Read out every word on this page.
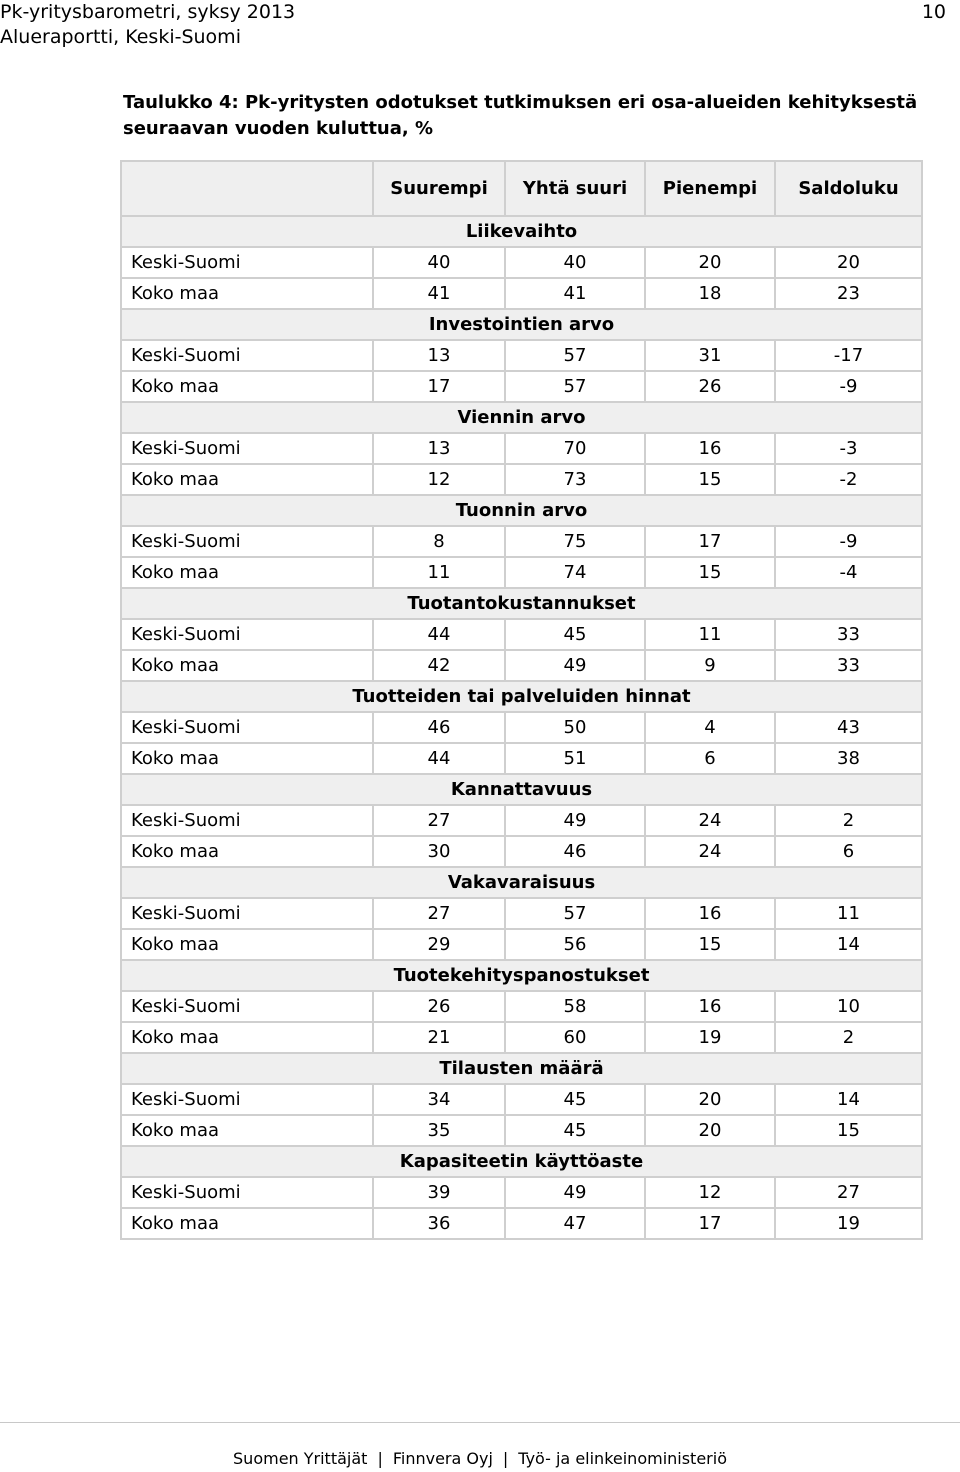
Pk-yritysbarometri, syksy 2013
Alueraportti, Keski-Suomi
10
Taulukko 4: Pk-yritysten odotukset tutkimuksen eri osa-alueiden kehityksestä seuraavan vuoden kuluttua, %
	Suurempi	Yhtä suuri	Pienempi	Saldoluku
Liikevaihto				
Keski-Suomi	40	40	20	20
Koko maa	41	41	18	23
Investointien arvo				
Keski-Suomi	13	57	31	-17
Koko maa	17	57	26	-9
Viennin arvo				
Keski-Suomi	13	70	16	-3
Koko maa	12	73	15	-2
Tuonnin arvo				
Keski-Suomi	8	75	17	-9
Koko maa	11	74	15	-4
Tuotantokustannukset				
Keski-Suomi	44	45	11	33
Koko maa	42	49	9	33
Tuotteiden tai palveluiden hinnat				
Keski-Suomi	46	50	4	43
Koko maa	44	51	6	38
Kannattavuus				
Keski-Suomi	27	49	24	2
Koko maa	30	46	24	6
Vakavaraisuus				
Keski-Suomi	27	57	16	11
Koko maa	29	56	15	14
Tuotekehityspanostukset				
Keski-Suomi	26	58	16	10
Koko maa	21	60	19	2
Tilausten määrä				
Keski-Suomi	34	45	20	14
Koko maa	35	45	20	15
Kapasiteetin käyttöaste				
Keski-Suomi	39	49	12	27
Koko maa	36	47	17	19
Suomen Yrittäjät | Finnvera Oyj | Työ- ja elinkeinoministeriö
